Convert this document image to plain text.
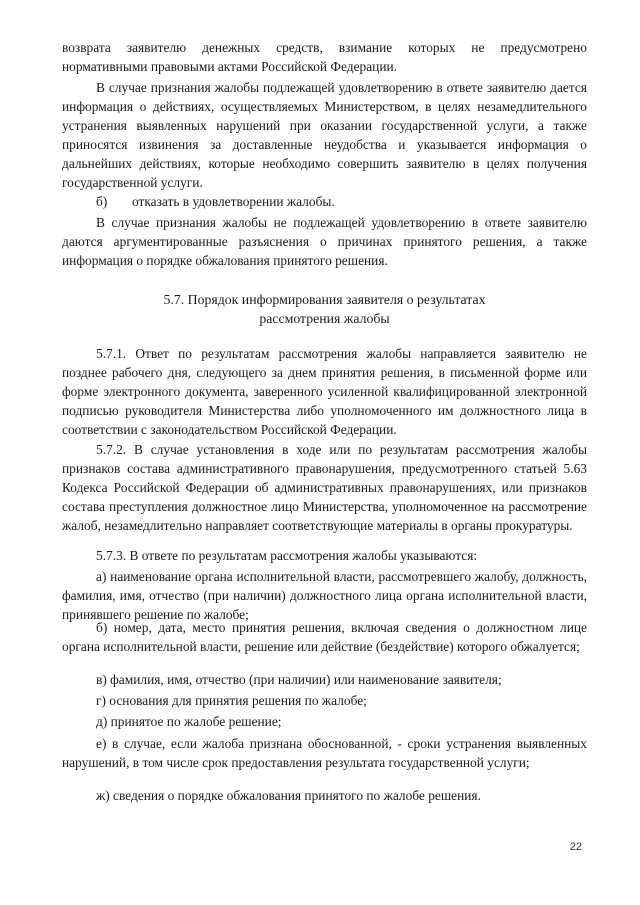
возврата заявителю денежных средств, взимание которых не предусмотрено нормативными правовыми актами Российской Федерации.

В случае признания жалобы подлежащей удовлетворению в ответе заявителю дается информация о действиях, осуществляемых Министерством, в целях незамедлительного устранения выявленных нарушений при оказании государственной услуги, а также приносятся извинения за доставленные неудобства и указывается информация о дальнейших действиях, которые необходимо совершить заявителю в целях получения государственной услуги.

б) отказать в удовлетворении жалобы.

В случае признания жалобы не подлежащей удовлетворению в ответе заявителю даются аргументированные разъяснения о причинах принятого решения, а также информация о порядке обжалования принятого решения.

5.7. Порядок информирования заявителя о результатах
рассмотрения жалобы

5.7.1. Ответ по результатам рассмотрения жалобы направляется заявителю не позднее рабочего дня, следующего за днем принятия решения, в письменной форме или форме электронного документа, заверенного усиленной квалифицированной электронной подписью руководителя Министерства либо уполномоченного им должностного лица в соответствии с законодательством Российской Федерации.

5.7.2. В случае установления в ходе или по результатам рассмотрения жалобы признаков состава административного правонарушения, предусмотренного статьей 5.63 Кодекса Российской Федерации об административных правонарушениях, или признаков состава преступления должностное лицо Министерства, уполномоченное на рассмотрение жалоб, незамедлительно направляет соответствующие материалы в органы прокуратуры.

5.7.3. В ответе по результатам рассмотрения жалобы указываются:

а) наименование органа исполнительной власти, рассмотревшего жалобу, должность, фамилия, имя, отчество (при наличии) должностного лица органа исполнительной власти, принявшего решение по жалобе;

б) номер, дата, место принятия решения, включая сведения о должностном лице органа исполнительной власти, решение или действие (бездействие) которого обжалуется;

в) фамилия, имя, отчество (при наличии) или наименование заявителя;

г) основания для принятия решения по жалобе;

д) принятое по жалобе решение;

е) в случае, если жалоба признана обоснованной, - сроки устранения выявленных нарушений, в том числе срок предоставления результата государственной услуги;

ж) сведения о порядке обжалования принятого по жалобе решения.

22
